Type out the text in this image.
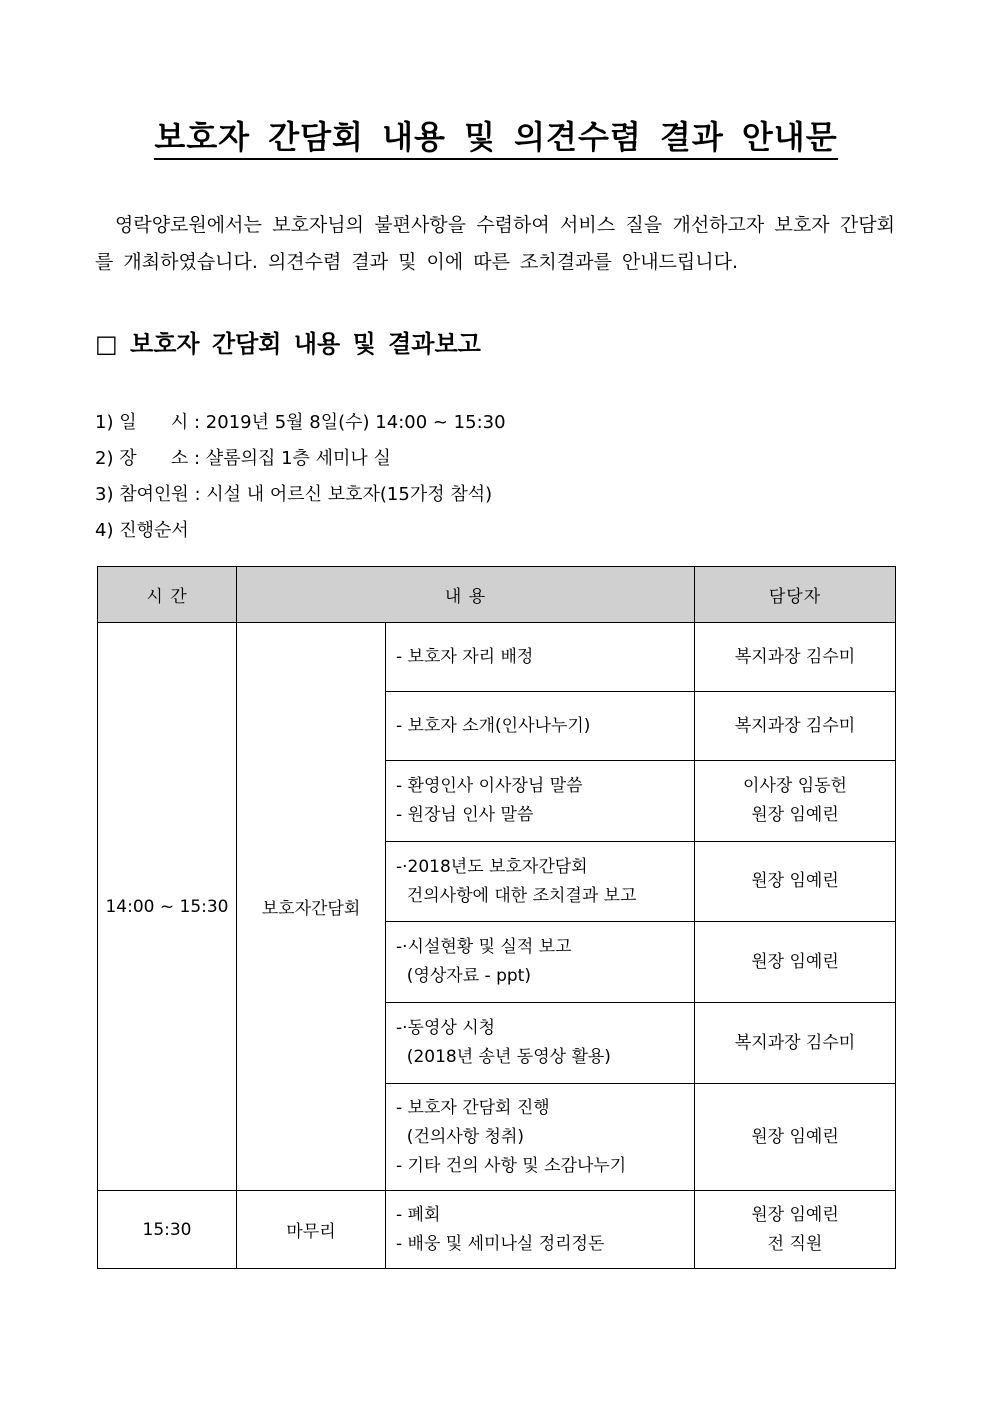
보호자 간담회 내용 및 의견수렴 결과 안내문

영락양로원에서는 보호자님의 불편사항을 수렴하여 서비스 질을 개선하고자 보호자 간담회를 개최하였습니다. 의견수렴 결과 및 이에 따른 조치결과를 안내드립니다.

□ 보호자 간담회 내용 및 결과보고
1) 일      시 : 2019년 5월 8일(수) 14:00 ~ 15:30
2) 장      소 : 샬롬의집 1층 세미나 실
3) 참여인원 : 시설 내 어르신 보호자(15가정 참석)
4) 진행순서
시 간	내 용		담당자
14:00 ~ 15:30	보호자간담회	- 보호자 자리 배정	복지과장 김수미

		- 보호자 소개(인사나누기)	복지과장 김수미

		- 환영인사 이사장님 말씀
- 원장님 인사 말씀	이사장 임동헌
원장 임예린

		-·2018년도 보호자간담회
건의사항에 대한 조치결과 보고	원장 임예린

		-·시설현황 및 실적 보고
(영상자료 - ppt)	원장 임예린

		-·동영상 시청
(2018년 송년 동영상 활용)	복지과장 김수미

		- 보호자 간담회 진행
(건의사항 청취)
- 기타 건의 사항 및 소감나누기	원장 임예린

15:30	마무리	- 폐회
- 배웅 및 세미나실 정리정돈	원장 임예린
전 직원
